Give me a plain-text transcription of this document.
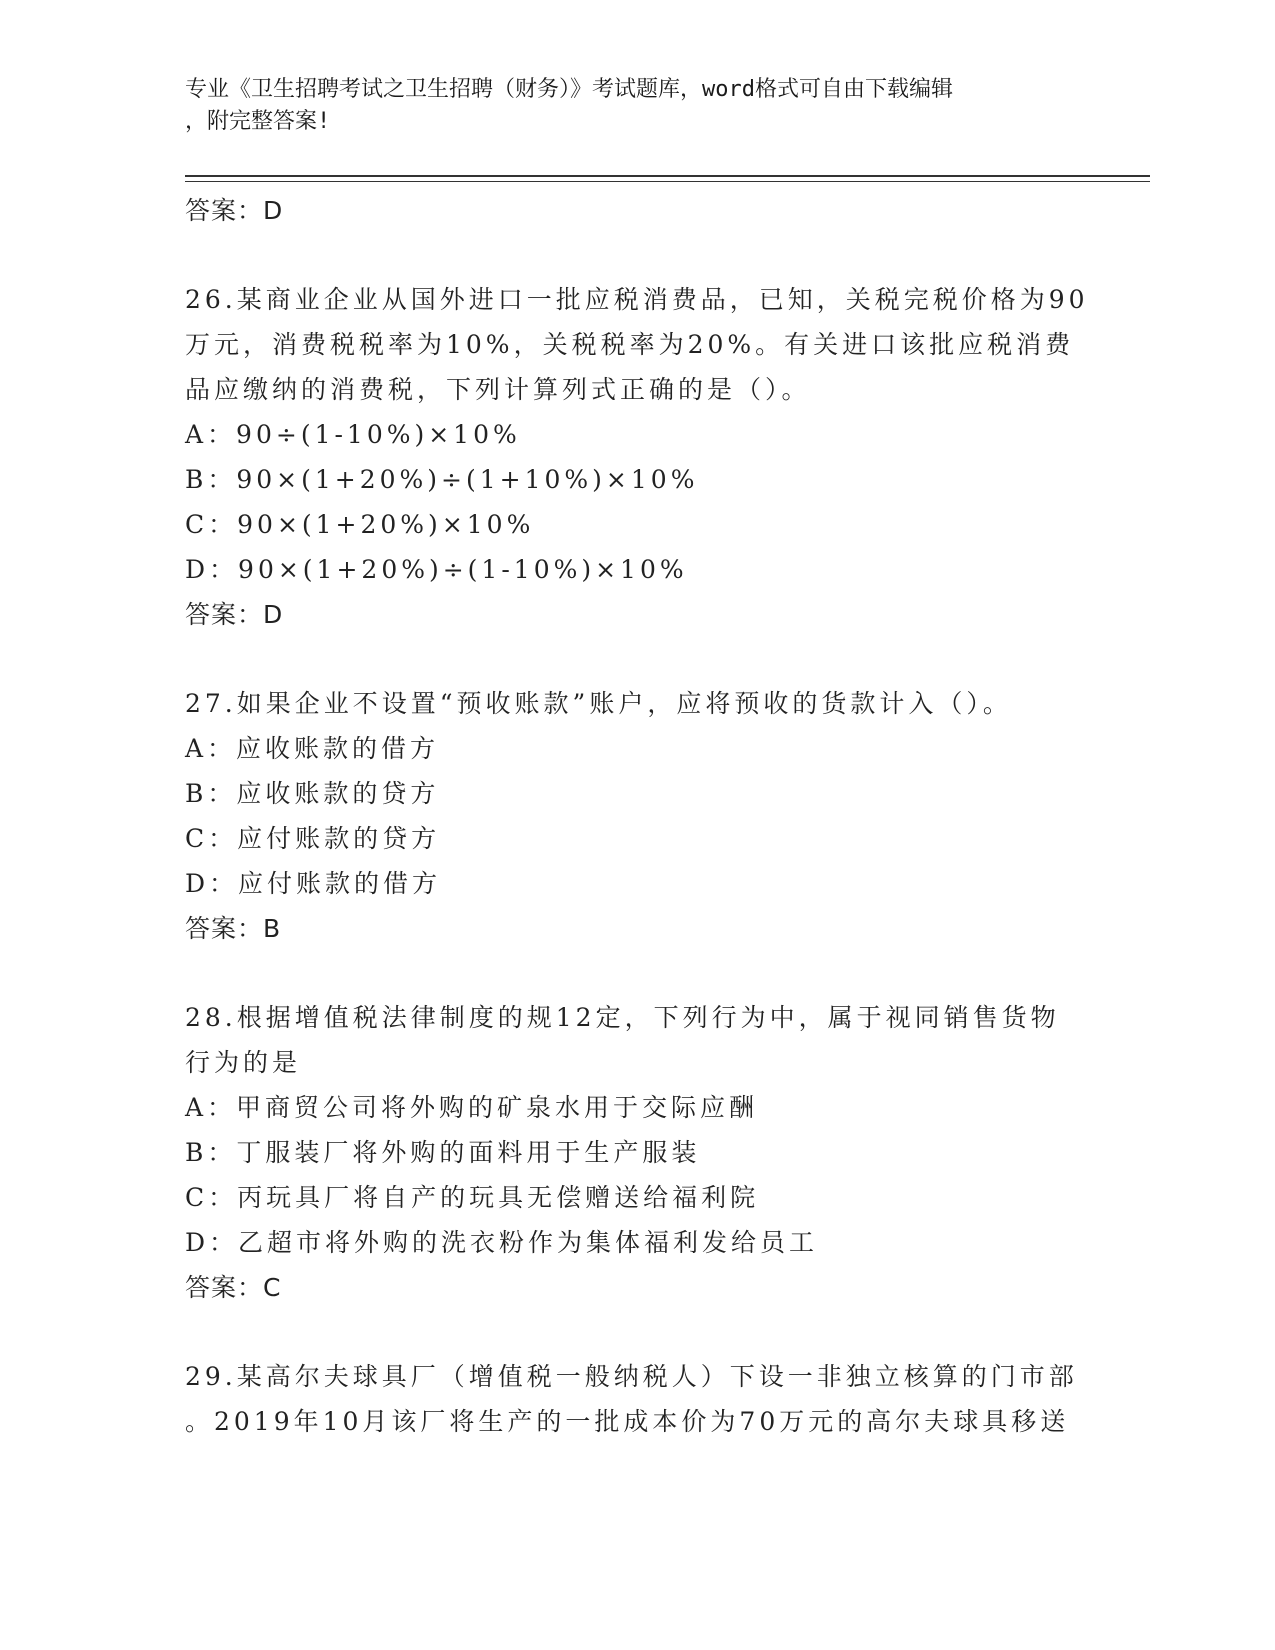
专业《卫生招聘考试之卫生招聘（财务）》考试题库，word格式可自由下载编辑
，附完整答案!
答案：D
26.某商业企业从国外进口一批应税消费品，已知，关税完税价格为90
万元，消费税税率为10%，关税税率为20%。有关进口该批应税消费
品应缴纳的消费税，下列计算列式正确的是（）。
A：90÷(1-10%)×10%
B：90×(1+20%)÷(1+10%)×10%
C：90×(1+20%)×10%
D：90×(1+20%)÷(1-10%)×10%
答案：D
27.如果企业不设置“预收账款”账户，应将预收的货款计入（）。
A：应收账款的借方
B：应收账款的贷方
C：应付账款的贷方
D：应付账款的借方
答案：B
28.根据增值税法律制度的规12定，下列行为中，属于视同销售货物
行为的是
A：甲商贸公司将外购的矿泉水用于交际应酬
B：丁服装厂将外购的面料用于生产服装
C：丙玩具厂将自产的玩具无偿赠送给福利院
D：乙超市将外购的洗衣粉作为集体福利发给员工
答案：C
29.某高尔夫球具厂（增值税一般纳税人）下设一非独立核算的门市部
。2019年10月该厂将生产的一批成本价为70万元的高尔夫球具移送
